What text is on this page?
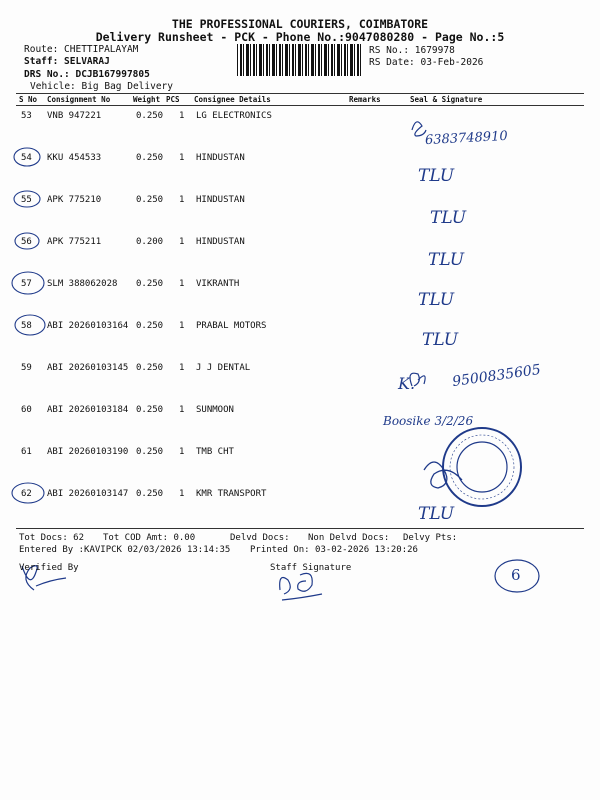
THE PROFESSIONAL COURIERS, COIMBATORE
Delivery Runsheet - PCK - Phone No.:9047080280 - Page No.:5
Route: CHETTIPALAYAM
Staff: SELVARAJ
DRS No.: DCJB167997805
Vehicle: Big Bag Delivery
RS No.: 1679978
RS Date: 03-Feb-2026
S No Consignment No	Weight PCS Consignee Details	Remarks	Seal & Signature
53 VNB 947221	0.250 1 LG ELECTRONICS
54 KKU 454533	0.250 1 HINDUSTAN
55 APK 775210	0.250 1 HINDUSTAN
56 APK 775211	0.200 1 HINDUSTAN
57 SLM 388062028 0.250 1 VIKRANTH
58 ABI 20260103164 0.250 1 PRABAL MOTORS
59 ABI 20260103145 0.250 1 J J DENTAL
60 ABI 20260103184 0.250 1 SUNMOON
61 ABI 20260103190 0.250 1 TMB CHT
62 ABI 20260103147 0.250 1 KMR TRANSPORT
6383748910
TLU
TLU
TLU
TLU
TLU
K.	9500835605
Boosike 3/2/26
TLU
6
Tot Docs: 62 Tot COD Amt: 0.00	Delvd Docs: Non Delvd Docs: Delvy Pts:
Entered By :KAVIPCK 02/03/2026 13:14:35 Printed On: 03-02-2026 13:20:26
Verified By	Staff Signature
